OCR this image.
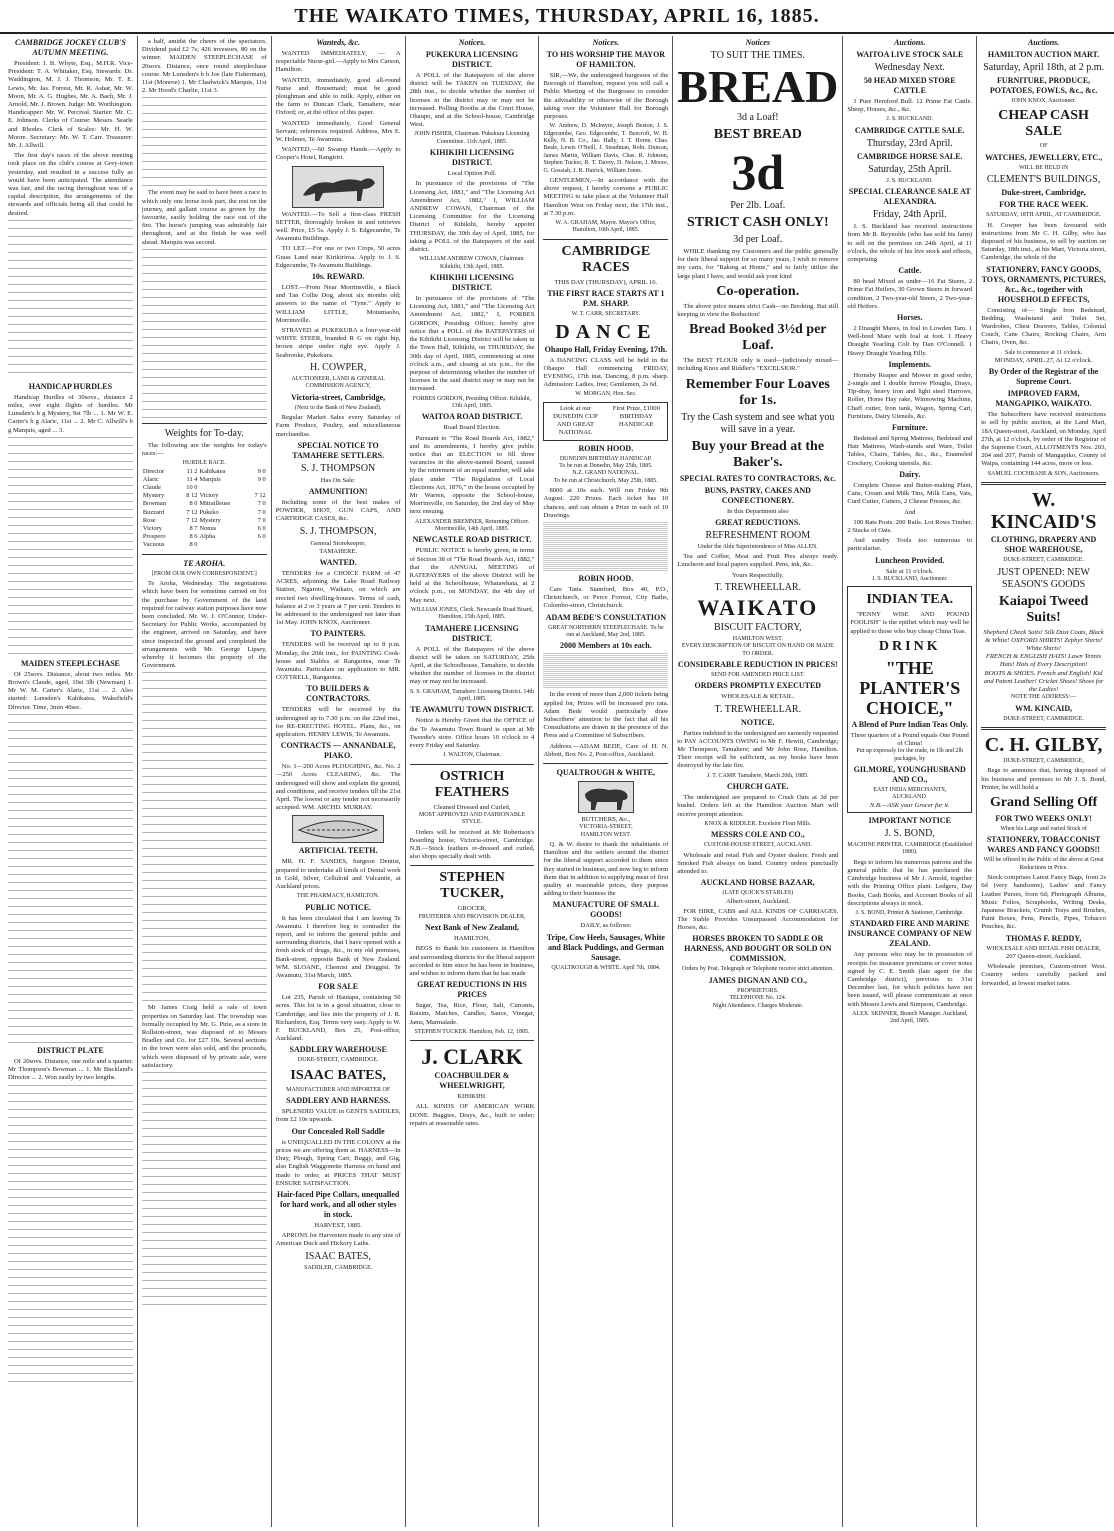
THE WAIKATO TIMES, THURSDAY, APRIL 16, 1885.
CAMBRIDGE JOCKEY CLUB'S AUTUMN MEETING.
President: J. B. Whyte, Esq., M.H.R. Vice-President: T. A. Whitaker, Esq. Stewards: Dr. Waddington, M. J. J. Thomson, Mr. T. E. Lewis, Mr. Jas. Forrest, Mr. R. Ashar, Mr. W. Moon, Mr. A. G. Hughes, Mr. A. Bach, Mr. J. Arnold, Mr. J. Brown. Judge: Mr. Worthington. Handicapper: Mr. W. Percival. Starter: Mr. C. E. Johnson. Clerks of Course: Messrs. Searle and Rhodes. Clerk of Scales: Mr. H. W. Moore. Secretary: Mr. W. T. Carr. Treasurer: Mr. J. Allwill.
The first day's races of the above meeting took place on the club's course at Grey-town yesterday, and resulted in a success fully as would have been anticipated. The attendance was fair, and the racing throughout was of a capital description, the arrangements of the stewards and officials being all that could be desired.
HANDICAP HURDLES
Handicap Hurdles of 30sovs., distance 2 miles, over eight flights of hurdles. Mr Lunsden's b g Mystery, 9st 7lb ... 1. Mr W. E. Carter's b g Alaric, 11st ... 2. Mr C. Allwill's b g Marquis, aged ... 3.
MAIDEN STEEPLECHASE
Of 25sovs. Distance, about two miles. Mr Brown's Claude, aged, 10st 3lb (Newman) 1. Mr W. M. Carter's Alaric, 11st ... 2. Also started: Lunsden's Kahikatea, Wakefield's Director. Time, 3min 40sec.
DISTRICT PLATE
Of 20sovs. Distance, one mile and a quarter. Mr Thompson's Bowman ... 1. Mr Buckland's Director ... 2. Won easily by two lengths.
a half, amidst the cheers of the spectators. Dividend paid £2 7s; 426 investors, 80 on the winner. MAIDEN STEEPLECHASE of 20sovs. Distance, once round steeplechase course. Mr Lunsden's b h Joe (late Fisherman), 11st (Monroe) 1. Mr Chadwick's Marquis, 11st 2. Mr Hood's Charlie, 11st 3.
The event may be said to have been a race to which only one horse took part, the rest on the journey, and gallant course as grown by the favourite, easily holding the race out of the fire. The horse's jumping was admirably fair throughout, and at the finish he was well ahead. Marquis was second.
Weights for To-day.
The following are the weights for today's races:—
HURDLE RACE.
Director	11 2	Kahikatea	9 0
Alaric	11 4	Marquis	9 0
Claude	10 0		
Mystery	8 12	Victory	7 12
Bowman	8 0	Mitrailleuse	7 0
Buzzard	7 12	Pukeko	7 0
Rose	7 12	Mystery	7 0
Victory	8 7	Nonus	6 0
Prospero	8 6	Alpha	6 0
Vacuous	8 0		
TE AROHA.
[FROM OUR OWN CORRESPONDENT.]
Te Aroha, Wednesday. The negotiations which have been for sometime carried on for the purchase by Government of the land required for railway station purposes have now been concluded. Mr. W. J. O'Connor, Under-Secretary for Public Works, accompanied by the engineer, arrived on Saturday, and have since inspected the ground and completed the arrangements with Mr. George Lipsey, whereby it becomes the property of the Government.
Mr James Craig held a sale of town properties on Saturday last. The township was formally occupied by Mr. G. Pirie, as a store in Rollston-street, was disposed of to Messrs Bradley and Co. for £27 10s. Several sections in the town were also sold, and the proceeds, which were disposed of by private sale, were satisfactory.
Wanteds, &c.
WANTED IMMEDIATELY, — A respectable Nurse-girl.—Apply to Mrs Carson, Hamilton.
WANTED, immediately, good all-round Nurse and Housemaid; must be good ploughman and able to milk. Apply, either on the farm to Duncan Clark, Tamahere, near Oxford; or, at the office of this paper.
WANTED immediately, Good General Servant; references required. Address, Mrs E. W. Holmes, Te Awamutu.
WANTED,—60 Swamp Hands.—Apply to Cooper's Hotel, Rangiriri.
WANTED.—To Sell a first-class FRESH SETTER, thoroughly broken in and retrieves well. Price, £5 5s. Apply J. S. Edgecumbe, Te Awamutu Buildings.
TO LET.—For one or two Crops, 50 acres Grass Land near Kirikiriroa. Apply to J. S. Edgecumbe, Te Awamutu Buildings.
10s. REWARD.
LOST.—From Near Morrinsville, a Black and Tan Collie Dog, about six months old; answers to the name of "Tyne." Apply to WILLIAM LITTLE, Motumaoho, Morrinsville.
STRAYED at PUKEKURA a four-year-old WHITE STEER, branded R G on right hip, brown stripe under right eye. Apply J. Seabrooke, Pukekura.
H. COWPER,
AUCTIONEER, LAND & GENERAL COMMISSION AGENCY,
Victoria-street, Cambridge,
(Next to the Bank of New Zealand).
Regular Market Sales every Saturday of Farm Produce, Poultry, and miscellaneous merchandise.
SPECIAL NOTICE TO TAMAHERE SETTLERS.
S. J. THOMPSON
Has On Sale:
AMMUNITION!
Including some of the best makes of POWDER, SHOT, GUN CAPS, AND CARTRIDGE CASES, &c.
S. J. THOMPSON,
General Storekeeper,
TAMAHERE.
WANTED.
TENDERS for a CHOICE FARM of 47 ACRES, adjoining the Lake Road Railway Station, Ngaroto, Waikato, on which are erected two dwelling-houses. Terms of cash, balance at 2 or 3 years at 7 per cent. Tenders to be addressed to the undersigned not later than 1st May. JOHN KNOX, Auctioneer.
TO PAINTERS.
TENDERS will be received up to 8 p.m. Monday, the 20th inst., for PAINTING Cook-house and Stables at Rangaotea, near Te Awamutu. Particulars on application to MR. COTTRELL, Rangaotea.
TO BUILDERS & CONTRACTORS.
TENDERS will be received by the undersigned up to 7.30 p.m. on the 22nd inst., for RE-ERECTING HOTEL. Plans, &c., on application. HENRY LEWIS, Te Awamutu.
CONTRACTS — ANNANDALE, PIAKO.
No. 1—200 Acres PLOUGHING, &c. No. 2—250 Acres CLEARING, &c. The undersigned will show and explain the ground, and conditions, and receive tenders till the 21st April. The lowest or any tender not necessarily accepted. WM. ARCHD. MURRAY.
ARTIFICIAL TEETH.
MR. H. F. SANDES, Surgeon Dentist, prepared to undertake all kinds of Dental work in Gold, Silver, Celluloid and Vulcanite, at Auckland prices.
THE PHARMACY, HAMILTON.
PUBLIC NOTICE.
It has been circulated that I am leaving Te Awamutu. I therefore beg to contradict the report, and to inform the general public and surrounding districts, that I have opened with a fresh stock of drugs, &c., in my old premises, Bank-street, opposite Bank of New Zealand. WM. SLOANE, Chemist and Druggist. Te Awamutu, 31st March, 1885.
FOR SALE
Lot 235, Parish of Hautapu, containing 50 acres. This lot is in a good situation, close to Cambridge, and lies into the property of J. R. Richardson, Esq. Terms very easy. Apply to W. F. BUCKLAND, Box 25, Post-office, Auckland.
SADDLERY WAREHOUSE
DUKE-STREET, CAMBRIDGE.
ISAAC BATES,
MANUFACTURER AND IMPORTER OF
SADDLERY AND HARNESS.
SPLENDID VALUE in GENTS SADDLES, from £2 10s upwards.
Our Concealed Roll Saddle
is UNEQUALLED IN THE COLONY at the prices we are offering them at. HARNESS—In Dray, Plough, Spring Cart, Buggy, and Gig, also English Waggonette Harness on hand and made to order, at PRICES THAT MUST ENSURE SATISFACTION.
Hair-faced Pipe Collars, unequalled for hard work, and all other styles in stock.
HARVEST, 1885.
APRONS for Harvesters made to any size of American Duck and Hickory Laths.
ISAAC BATES,
SADDLER, CAMBRIDGE.
Notices.
PUKEKURA LICENSING DISTRICT.
A POLL of the Ratepayers of the above district will be TAKEN on TUESDAY, the 28th inst., to decide whether the number of licenses in the district may or may not be increased. Polling Booths at the Court House, Ohaupo, and at the School-house, Cambridge West.
JOHN FISHER, Chairman. Pukekura Licensing Committee. 11th April, 1885.
KIHIKIHI LICENSING DISTRICT.
Local Option Poll.
In pursuance of the provisions of "The Licensing Act, 1881," and "The Licensing Act Amendment Act, 1882," I, WILLIAM ANDREW COWAN, Chairman of the Licensing Committee for the Licensing District of Kihikihi, hereby appoint THURSDAY, the 30th day of April, 1885, for taking a POLL of the Ratepayers of the said district.
WILLIAM ANDREW COWAN, Chairman. Kihikihi, 13th April, 1885.
KIHIKIHI LICENSING DISTRICT.
In pursuance of the provisions of "The Licensing Act, 1881," and "The Licensing Act Amendment Act, 1882," I, FORBES GORDON, Presiding Officer, hereby give notice that a POLL of the RATEPAYERS of the Kihikihi Licensing District will be taken in the Town Hall, Kihikihi, on THURSDAY, the 30th day of April, 1885, commencing at nine o'clock a.m., and closing at six p.m., for the purpose of determining whether the number of licenses in the said district may or may not be increased.
FORBES GORDON, Presiding Officer. Kihikihi, 13th April, 1885.
WAITOA ROAD DISTRICT.
Road Board Election.
Pursuant to "The Road Boards Act, 1882," and its amendments, I hereby give public notice that an ELECTION to fill three vacancies in the above-named Board, caused by the retirement of an equal number, will take place under "The Regulation of Local Elections Act, 1876," in the house occupied by Mr Warren, opposite the School-house, Morrinsville, on Saturday, the 2nd day of May next ensuing.
ALEXANDER BREMNER, Returning Officer. Morrinsville, 14th April, 1885.
NEWCASTLE ROAD DISTRICT.
PUBLIC NOTICE is hereby given, in terms of Section 38 of "The Road Boards Act, 1882," that the ANNUAL MEETING of RATEPAYERS of the above District will be held at the Schoolhouse, Whatawhata, at 2 o'clock p.m., on MONDAY, the 4th day of May next.
WILLIAM JONES, Clerk. Newcastle Road Board, Hamilton, 15th April, 1885.
TAMAHERE LICENSING DISTRICT.
A POLL of the Ratepayers of the above district will be taken on SATURDAY, 25th April, at the Schoolhouse, Tamahere, to decide whether the number of licenses in the district may or may not be increased.
S. S. GRAHAM, Tamahere Licensing District. 14th April, 1885.
TE AWAMUTU TOWN DISTRICT.
Notice is Hereby Given that the OFFICE of the Te Awamutu Town Board is open at Mr Tweedie's store. Office hours 10 o'clock to 4 every Friday and Saturday.
J. WALTON, Chairman.
OSTRICH FEATHERS
Cleaned Dressed and Curled,
MOST APPROVED AND FASHIONABLE STYLE.
Orders will be received at Mr Robertson's Boarding house, Victoria-street, Cambridge. N.B.—Stock feathers re-dressed and curled, also shops specially dealt with.
STEPHEN TUCKER,
GROCER,
FRUITERER AND PROVISION DEALER,
Next Bank of New Zealand,
HAMILTON,
BEGS to thank his customers in Hamilton and surrounding districts for the liberal support accorded to him since he has been in business, and wishes to inform them that he has made
GREAT REDUCTIONS IN HIS PRICES
Sugar, Tea, Rice, Flour, Salt, Currants, Raisins, Matches, Candles, Sauce, Vinegar, Jams, Marmalade.
STEPHEN TUCKER. Hamilton, Feb. 12, 1885.
J. CLARK
COACHBUILDER & WHEELWRIGHT,
KIHIKIHI.
ALL KINDS OF AMERICAN WORK DONE. Buggies, Drays, &c., built to order; repairs at reasonable rates.
Notices.
TO HIS WORSHIP THE MAYOR OF HAMILTON.
SIR,—We, the undersigned burgesses of the Borough of Hamilton, request you will call a Public Meeting of the Burgesses to consider the advisability or otherwise of the Borough taking over the Volunteer Hall for Borough purposes.
W. Andrew, D. McIntyre, Joseph Beston, J. S. Edgecumbe, Geo. Edgecumbe, T. Beecroft, W. H. Kelly, N. B. Co., Jas. Hally, J. T. Horne, Chas. Beale, Lewis O'Neill, J. Steadman, Robt. Duncan, James Martin, William Davis, Chas. R. Johnson, Stephen Tucker, R. T. Davey, D. Nelson, J. Moore, G. Gossiah, J. R. Hatrick, William Jones.
GENTLEMEN,—In accordance with the above request, I hereby convene a PUBLIC MEETING to take place at the Volunteer Hall Hamilton West on Friday next, the 17th inst., at 7.30 p.m.
W. A. GRAHAM, Mayor. Mayor's Office, Hamilton, 10th April, 1885.
CAMBRIDGE RACES
THIS DAY (THURSDAY), APRIL 16.
THE FIRST RACE STARTS AT 1 P.M. SHARP.
W. T. CARR, SECRETARY.
DANCE
Ohaupo Hall, Friday Evening, 17th.
A DANCING CLASS will be held in the Ohaupo Hall commencing FRIDAY, EVENING, 17th inst. Dancing, 8 p.m. sharp. Admission: Ladies, free; Gentlemen, 2s 6d.
W. MORGAN, Hon. Sec.
Look at our DUNEDIN CUP AND GREAT NATIONAL
First Prize, £1000 BIRTHDAY HANDICAP.
ROBIN HOOD.
DUNEDIN BIRTHDAY HANDICAP.
To be run at Dunedin, May 25th, 1885.
N.Z. GRAND NATIONAL.
To be run at Christchurch, May 25th, 1885.
8000 at 10s each. Will run Friday 9th August. 220 Prizes. Each ticket has 10 chances, and can obtain a Prize in each of 10 Drawings.
ROBIN HOOD.
Care Tatts. Stamford, Box 40, P.O., Christchurch, or Perce Forrest, City Baths, Colombo-street, Christchurch.
ADAM BEDE'S CONSULTATION
GREAT NORTHERN STEEPLECHASE. To be run at Auckland, May 2nd, 1885.
2000 Members at 10s each.
In the event of more than 2,000 tickets being applied for, Prizes will be increased pro rata. Adam Bede would particularly draw Subscribers' attention to the fact that all his Consultations are drawn in the presence of the Press and a Committee of Subscribers.
Address.—ADAM BEDE, Care of H. N. Abbott, Box No. 2, Post-office, Auckland.
QUALTROUGH & WHITE,
BUTCHERS, &c.,
VICTORIA-STREET,
HAMILTON WEST.
Q. & W. desire to thank the inhabitants of Hamilton and the settlers around the district for the liberal support accorded to them since they started in business, and now beg to inform them that in addition to supplying meat of first quality at reasonable prices, they purpose adding to their business the
MANUFACTURE OF SMALL GOODS!
DAILY, as follows:
Tripe, Cow Heels, Sausages, White and Black Puddings, and German Sausage.
QUALTROUGH & WHITE. April 7th, 1884.
Notices
TO SUIT THE TIMES.
BREAD
3d a Loaf!
BEST BREAD
3d
Per 2lb. Loaf.
STRICT CASH ONLY!
3d per Loaf.
WHILE thanking my Customers and the public generally for their liberal support for so many years, I wish to remove my carts, for "Raking at Home," and to fairly utilize the large plant I have, and would ask your kind
Co-operation.
The above price means strict Cash—no Booking. But still keeping in view the Reduction!
Bread Booked 3½d per Loaf.
The BEST FLOUR only is used—judiciously mixed—including Knox and Riddler's "EXCELSIOR."
Remember Four Loaves for 1s.
Try the Cash system and see what you will save in a year.
Buy your Bread at the Baker's.
SPECIAL RATES TO CONTRACTORS, &c.
BUNS, PASTRY, CAKES AND CONFECTIONERY.
In this Department also
GREAT REDUCTIONS.
REFRESHMENT ROOM
Under the Able Superintendence of Miss ALLEN.
Tea and Coffee, Meat and Fruit Pies always ready. Luncheon and local papers supplied. Pens, ink, &c.
Yours Respectfully,
T. TREWHEELLAR.
WAIKATO
BISCUIT FACTORY,
HAMILTON WEST.
EVERY DESCRIPTION OF BISCUIT ON HAND OR MADE TO ORDER.
CONSIDERABLE REDUCTION IN PRICES!
SEND FOR AMENDED PRICE LIST.
ORDERS PROMPTLY EXECUTED
WHOLESALE & RETAIL.
T. TREWHEELLAR.
NOTICE.
Parties indebted to the undersigned are earnestly requested to PAY ACCOUNTS OWING to Mr F. Hewitt, Cambridge; Mr Thompson, Tamahere; and Mr John Rose, Hamilton. Their receipt will be sufficient, as my books have been destroyed by the late fire.
J. T. CAMP. Tamahere, March 20th, 1885.
CHURCH GATE.
The undersigned are prepared to Crush Oats at 3d per bushel. Orders left at the Hamilton Auction Mart will receive prompt attention.
KNOX & RIDDLER. Excelsior Flour Mills.
MESSRS COLE AND CO.,
CUSTOM-HOUSE STREET, AUCKLAND.
Wholesale and retail Fish and Oyster dealers. Fresh and Smoked Fish always on hand. Country orders punctually attended to.
AUCKLAND HORSE BAZAAR,
(LATE QUICK'S STABLES)
Albert-street, Auckland.
FOR HIRE, CABS and ALL KINDS OF CARRIAGES. The Stable Provides Unsurpassed Accommodation for Horses, &c.
HORSES BROKEN TO SADDLE OR HARNESS, AND BOUGHT OR SOLD ON COMMISSION.
Orders by Post, Telegraph or Telephone receive strict attention.
JAMES DIGNAN AND CO.,
PROPRIETORS.
TELEPHONE No. 124.
Night Attendance. Charges Moderate.
Auctions.
WAITOA LIVE STOCK SALE
Wednesday Next.
50 HEAD MIXED STORE CATTLE
1 Pure Hereford Bull. 12 Prime Fat Cattle. Sheep, Horses, &c., &c.
J. S. BUCKLAND.
CAMBRIDGE CATTLE SALE.
Thursday, 23rd April.
CAMBRIDGE HORSE SALE.
Saturday, 25th April.
J. S. BUCKLAND.
SPECIAL CLEARANCE SALE AT ALEXANDRA.
Friday, 24th April.
J. S. Buckland has received instructions from Mr R. Reynolds (who has sold his farm) to sell on the premises on 24th April, at 11 o'clock, the whole of his live stock and effects, comprising
Cattle.
80 head Mixed as under—16 Fat Steers, 2 Prime Fat Heifers, 30 Grown Steers in forward condition, 2 Two-year-old Steers, 2 Two-year-old Heifers.
Horses.
2 Draught Mares, in foal to Lowden Tam. 1 Well-bred Mare with foal at foot. 1 Heavy Draught Yearling Colt by Dan O'Connell. 1 Heavy Draught Yearling Filly.
Implements.
Hornsby Reaper and Mower in good order, 2-single and 1 double furrow Ploughs, Drays, Tip-dray, heavy iron and light steel Harrows, Roller, Horse Hay rake, Winnowing Machine, Chaff cutter, Iron tank, Wagon, Spring Cart, Furniture, Dairy Utensils, &c.
Furniture.
Bedstead and Spring Mattress, Bedstead and Hair Mattress, Wash-stands and Ware, Toilet Tables, Chairs, Tables, &c., &c., Enameled Crockery, Cooking utensils, &c.
Dairy.
Complete Cheese and Butter-making Plant, Cans, Cream and Milk Tins, Milk Cans, Vats, Curd Cutter, Cutters, 2 Cheese Presses, &c.
And
100 Rats Posts. 200 Rails. Lot Rows Timber. 2 Stacks of Oats.
And sundry Tools too numerous to particularise.
Luncheon Provided.
Sale at 11 o'clock.
J. S. BUCKLAND, Auctioneer.
INDIAN TEA.
"PENNY WISE AND POUND FOOLISH" is the epithet which may well be applied to those who buy cheap China Teas.
DRINK
"THE PLANTER'S CHOICE,"
A Blend of Pure Indian Teas Only.
Three quarters of a Pound equals One Pound of China!
Put up expressly for the trade, in 1lb and 2lb packages, by
GILMORE, YOUNGHUSBAND AND CO.,
EAST INDIA MERCHANTS,
AUCKLAND.
N.B.—ASK your Grocer for it.
IMPORTANT NOTICE
J. S. BOND,
MACHINE PRINTER, CAMBRIDGE (Established 1880).
Begs to inform his numerous patrons and the general public that he has purchased the Cambridge business of Mr J. Arnold, together with the Printing Office plant. Ledgers, Day Books, Cash Books, and Account Books of all descriptions always in stock.
J. S. BOND, Printer & Stationer, Cambridge.
STANDARD FIRE AND MARINE INSURANCE COMPANY OF NEW ZEALAND.
Any persons who may be in possession of receipts for insurance premiums or cover notes signed by C. E. Smith (late agent for the Cambridge district), previous to 31st December last, for which policies have not been issued, will please communicate at once with Messrs Lewis and Simpson, Cambridge.
ALEX. SKINNER, Branch Manager. Auckland, 2nd April, 1885.
Auctions.
HAMILTON AUCTION MART.
Saturday, April 18th, at 2 p.m.
FURNITURE, PRODUCE, POTATOES, FOWLS, &c., &c.
JOHN KNOX, Auctioneer.
CHEAP CASH SALE
OF
WATCHES, JEWELLERY, ETC.,
WILL BE HELD IN
CLEMENT'S BUILDINGS,
Duke-street, Cambridge,
FOR THE RACE WEEK.
SATURDAY, 18TH APRIL, AT CAMBRIDGE.
H. Cowper has been favoured with instructions from Mr C. H. Gilby, who has disposed of his business, to sell by auction on Saturday, 18th inst., at his Mart, Victoria street, Cambridge, the whole of the
STATIONERY, FANCY GOODS, TOYS, ORNAMENTS, PICTURES, &c., &c., together with HOUSEHOLD EFFECTS,
Consisting of— Single Iron Bedstead, Bedding, Washstand and Toilet Set, Wardrobes, Chest Drawers, Tables, Colonial Couch, Cane Chairs, Rocking Chairs, Arm Chairs, Oven, &c.
Sale to commence at 11 o'clock.
MONDAY, APRIL 27, At 12 o'clock.
By Order of the Registrar of the Supreme Court.
IMPROVED FARM, MANGAPIKO, WAIKATO.
The Subscribers have received instructions to sell by public auction, at the Land Mart, 18A Queen-street, Auckland, on Monday, April 27th, at 12 o'clock, by order of the Registrar of the Supreme Court, ALLOTMENTS Nos. 203, 204 and 207, Parish of Mangapiko, County of Waipa, containing 144 acres, more or less.
SAMUEL COCHRANE & SON, Auctioneers.
W. KINCAID'S
CLOTHING, DRAPERY AND SHOE WAREHOUSE,
DUKE-STREET, CAMBRIDGE.
JUST OPENED: NEW SEASON'S GOODS
Kaiapoi Tweed Suits!
Shepherd Check Suits! Silk Dust Coats, Black & White! OXFORD SHIRTS! Zephyr Shirts! White Shirts!
FRENCH & ENGLISH HATS! Lawn Tennis Hats! Hats of Every Description!
BOOTS & SHOES. French and English! Kid and Patent Leather! Cricket Shoes! Shoes for the Ladies!
NOTE THE ADDRESS:—
WM. KINCAID,
DUKE-STREET, CAMBRIDGE.
C. H. GILBY,
DUKE-STREET, CAMBRIDGE,
Begs to announce that, having disposed of his business and premises to Mr J. S. Bond, Printer, he will hold a
Grand Selling Off
FOR TWO WEEKS ONLY!
When his Large and varied Stock of
STATIONERY, TOBACCONIST WARES AND FANCY GOODS!!
Will be offered to the Public of the above at Great Reductions in Price.
Stock comprises Latest Fancy Bags, from 2s 6d (very handsome), Ladies' and Fancy Leather Purses, from 6d; Photograph Albums, Music Folios, Scrapbooks, Writing Desks, Japanese Brackets, Crumb Trays and Brushes, Paint Boxes, Pens, Pencils, Pipes, Tobacco Pouches, &c.
THOMAS F. REDDY,
WHOLESALE AND RETAIL FISH DEALER,
207 Queen-street, Auckland.
Wholesale premises, Custom-street West. Country orders carefully packed and forwarded, at lowest market rates.
